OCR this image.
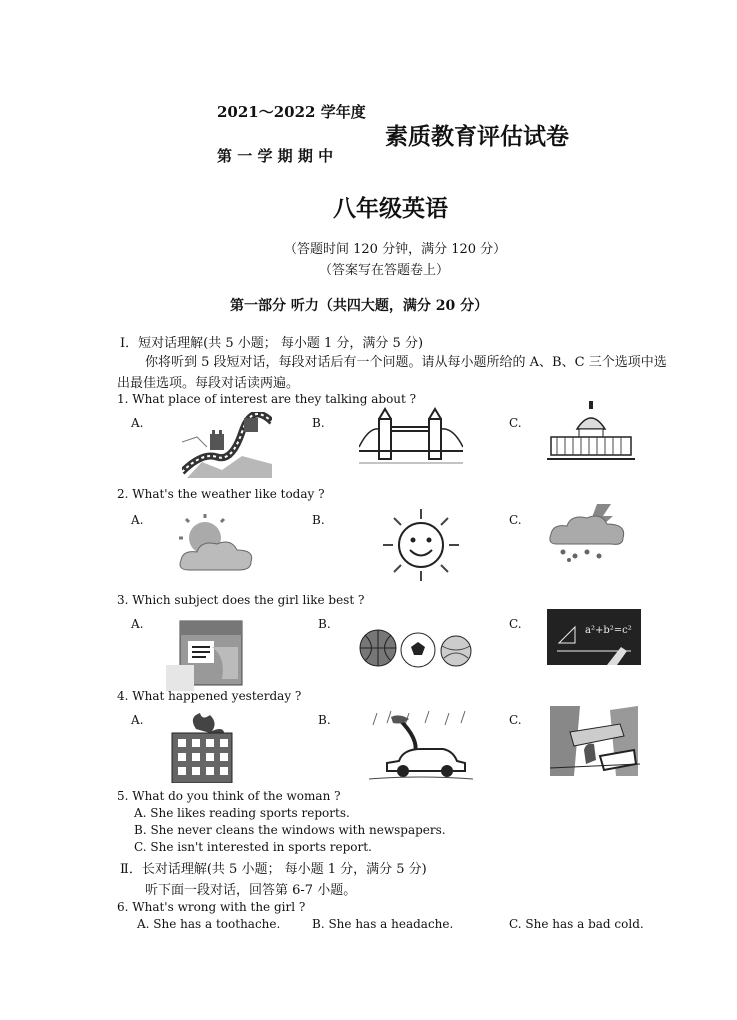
2021～2022 学年度
第 一 学 期 期 中
素质教育评估试卷
八年级英语
（答题时间 120 分钟，满分 120 分）
（答案写在答题卷上）
第一部分 听力（共四大题，满分 20 分）
Ⅰ．短对话理解(共 5 小题； 每小题 1 分，满分 5 分)
你将听到 5 段短对话，每段对话后有一个问题。请从每小题所给的 A、B、C 三个选项中选
出最佳选项。每段对话读两遍。
1. What place of interest are they talking about ?
A.	B.	C.
2. What's the weather like today ?
A.	B.	C.
3. Which subject does the girl like best ?
A.	B.	C.	a²+b²=c²
4. What happened yesterday ?
A.	B.	C.
5. What do you think of the woman ?
A. She likes reading sports reports.
B. She never cleans the windows with newspapers.
C. She isn't interested in sports report.
Ⅱ．长对话理解(共 5 小题； 每小题 1 分，满分 5 分)
听下面一段对话，回答第 6-7 小题。
6. What's wrong with the girl ?
A. She has a toothache.	B. She has a headache.	C. She has a bad cold.
